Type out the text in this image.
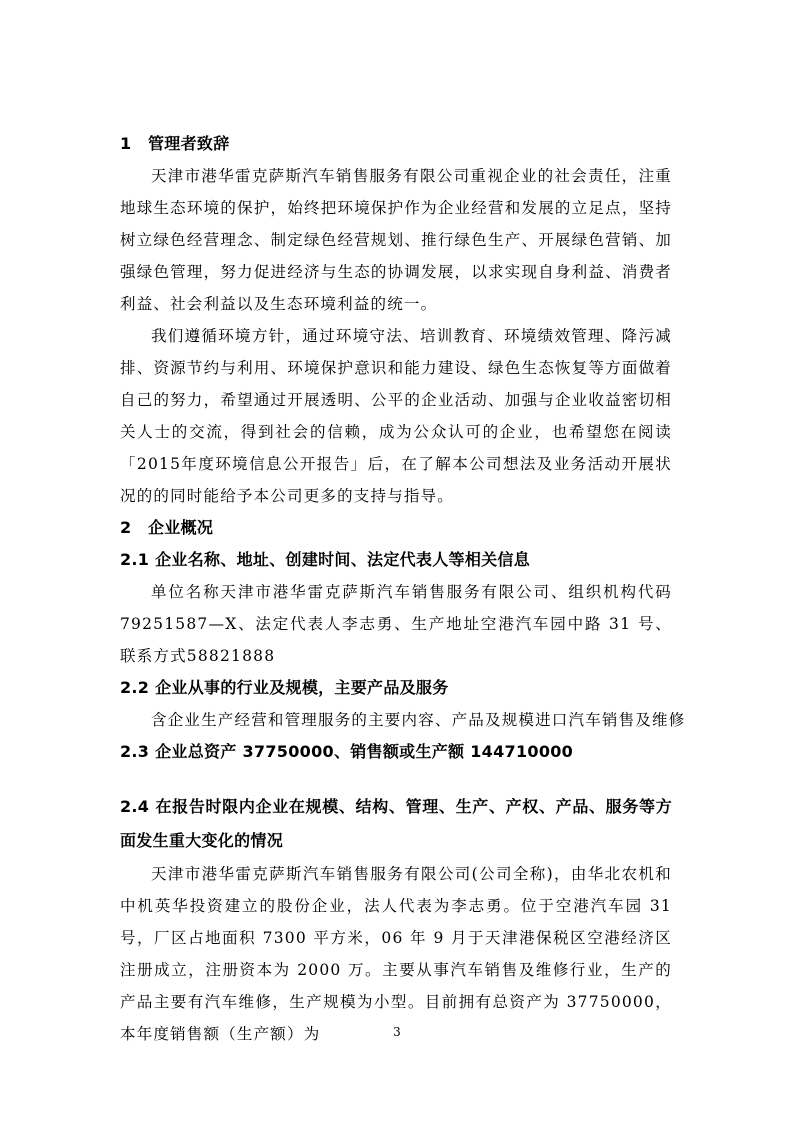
1 管理者致辞

天津市港华雷克萨斯汽车销售服务有限公司重视企业的社会责任，注重地球生态环境的保护，始终把环境保护作为企业经营和发展的立足点，坚持树立绿色经营理念、制定绿色经营规划、推行绿色生产、开展绿色营销、加强绿色管理，努力促进经济与生态的协调发展，以求实现自身利益、消费者利益、社会利益以及生态环境利益的统一。

我们遵循环境方针，通过环境守法、培训教育、环境绩效管理、降污减排、资源节约与利用、环境保护意识和能力建设、绿色生态恢复等方面做着自己的努力，希望通过开展透明、公平的企业活动、加强与企业收益密切相关人士的交流，得到社会的信赖，成为公众认可的企业，也希望您在阅读「2015年度环境信息公开报告」后，在了解本公司想法及业务活动开展状况的的同时能给予本公司更多的支持与指导。

2 企业概况
2.1 企业名称、地址、创建时间、法定代表人等相关信息

单位名称天津市港华雷克萨斯汽车销售服务有限公司、组织机构代码79251587—X、法定代表人李志勇、生产地址空港汽车园中路 31 号、联系方式58821888

2.2 企业从事的行业及规模，主要产品及服务

含企业生产经营和管理服务的主要内容、产品及规模进口汽车销售及维修

2.3 企业总资产 37750000、销售额或生产额 144710000
2.4 在报告时限内企业在规模、结构、管理、生产、产权、产品、服务等方面发生重大变化的情况

天津市港华雷克萨斯汽车销售服务有限公司(公司全称)，由华北农机和中机英华投资建立的股份企业，法人代表为李志勇。位于空港汽车园 31 号，厂区占地面积 7300 平方米，06 年 9 月于天津港保税区空港经济区注册成立，注册资本为 2000 万。主要从事汽车销售及维修行业，生产的产品主要有汽车维修，生产规模为小型。目前拥有总资产为 37750000，本年度销售额（生产额）为	3
